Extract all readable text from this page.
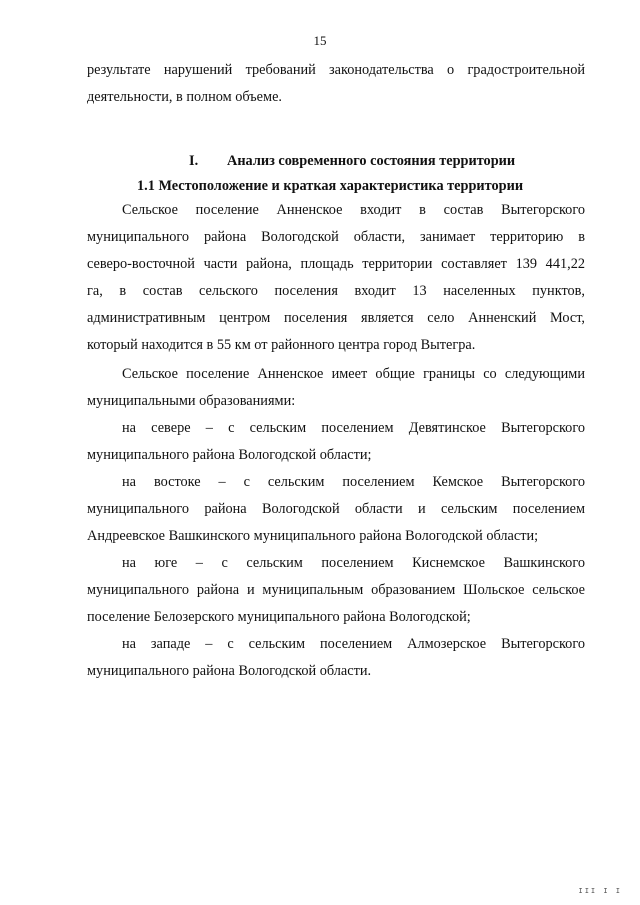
15
результате нарушений требований законодательства о градостроительной
деятельности, в полном объеме.
I. Анализ современного состояния территории
1.1 Местоположение и краткая характеристика территории
Сельское поселение Анненское входит в состав Вытегорского
муниципального района Вологодской области, занимает территорию в
северо-восточной части района, площадь территории составляет 139 441,22
га, в состав сельского поселения входит 13 населенных пунктов,
административным центром поселения является село Анненский Мост,
который находится в 55 км от районного центра город Вытегра.
Сельское поселение Анненское имеет общие границы со следующими
муниципальными образованиями:
на севере – с сельским поселением Девятинское Вытегорского
муниципального района Вологодской области;
на востоке – с сельским поселением Кемское Вытегорского
муниципального района Вологодской области и сельским поселением
Андреевское Вашкинского муниципального района Вологодской области;
на юге – с сельским поселением Киснемское Вашкинского
муниципального района и муниципальным образованием Шольское сельское
поселение Белозерского муниципального района Вологодской;
на западе – с сельским поселением Алмозерское Вытегорского
муниципального района Вологодской области.
ІІІ І І
